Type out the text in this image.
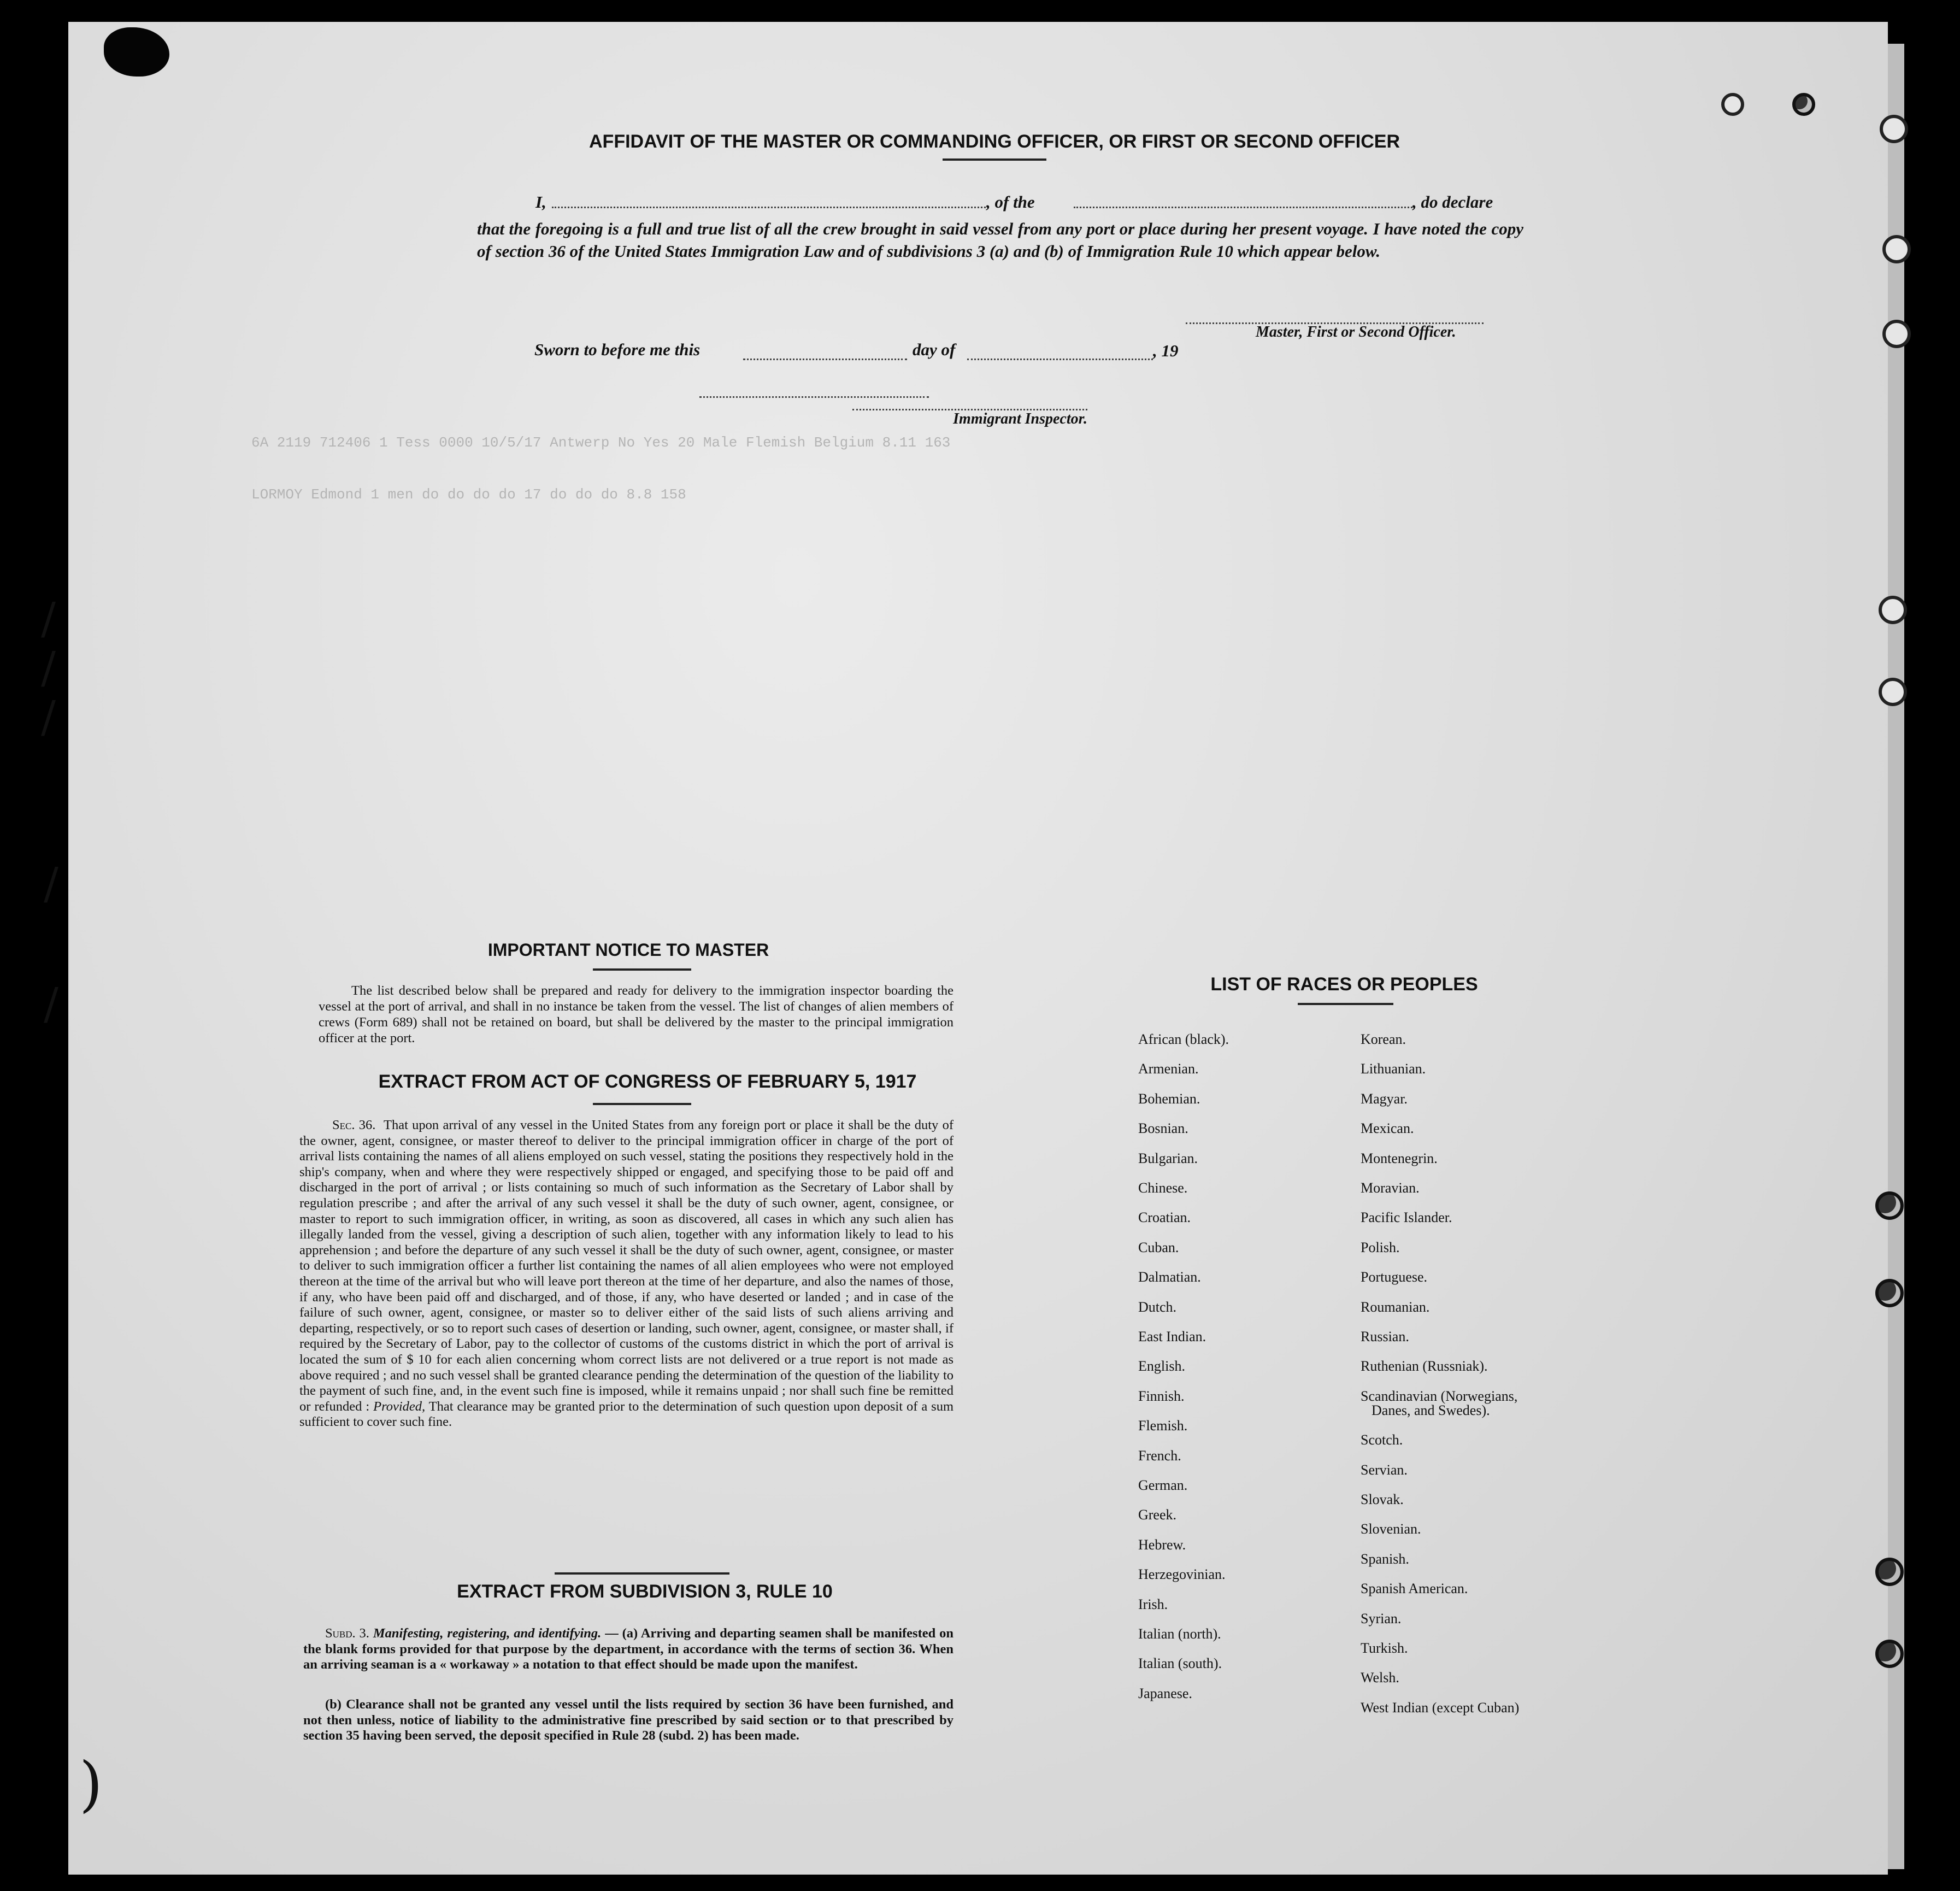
/
/
/
/
/
)
6A 2119 712406 1 Tess 0000 10/5/17 Antwerp No Yes 20 Male Flemish Belgium 8.11 163
LORMOY Edmond 1 men do do do do 17 do do do 8.8 158
AFFIDAVIT OF THE MASTER OR COMMANDING OFFICER, OR FIRST OR SECOND OFFICER
I,	, of the	, do declare
that the foregoing is a full and true list of all the crew brought in said vessel from any port or place during her present voyage. I have noted the copy of section 36 of the United States Immigration Law and of subdivisions 3 (a) and (b) of Immigration Rule 10 which appear below.
Master, First or Second Officer.
Sworn to before me this	day of	, 19
Immigrant Inspector.
IMPORTANT NOTICE TO MASTER
The list described below shall be prepared and ready for delivery to the immigration inspector boarding the vessel at the port of arrival, and shall in no instance be taken from the vessel. The list of changes of alien members of crews (Form 689) shall not be retained on board, but shall be delivered by the master to the principal immigration officer at the port.
EXTRACT FROM ACT OF CONGRESS OF FEBRUARY 5, 1917
Sec. 36. That upon arrival of any vessel in the United States from any foreign port or place it shall be the duty of the owner, agent, consignee, or master thereof to deliver to the principal immigration officer in charge of the port of arrival lists containing the names of all aliens employed on such vessel, stating the positions they respectively hold in the ship's company, when and where they were respectively shipped or engaged, and specifying those to be paid off and discharged in the port of arrival ; or lists containing so much of such information as the Secretary of Labor shall by regulation prescribe ; and after the arrival of any such vessel it shall be the duty of such owner, agent, consignee, or master to report to such immigration officer, in writing, as soon as discovered, all cases in which any such alien has illegally landed from the vessel, giving a description of such alien, together with any information likely to lead to his apprehension ; and before the departure of any such vessel it shall be the duty of such owner, agent, consignee, or master to deliver to such immigration officer a further list containing the names of all alien employees who were not employed thereon at the time of the arrival but who will leave port thereon at the time of her departure, and also the names of those, if any, who have been paid off and discharged, and of those, if any, who have deserted or landed ; and in case of the failure of such owner, agent, consignee, or master so to deliver either of the said lists of such aliens arriving and departing, respectively, or so to report such cases of desertion or landing, such owner, agent, consignee, or master shall, if required by the Secretary of Labor, pay to the collector of customs of the customs district in which the port of arrival is located the sum of $ 10 for each alien concerning whom correct lists are not delivered or a true report is not made as above required ; and no such vessel shall be granted clearance pending the determination of the question of the liability to the payment of such fine, and, in the event such fine is imposed, while it remains unpaid ; nor shall such fine be remitted or refunded : Provided, That clearance may be granted prior to the determination of such question upon deposit of a sum sufficient to cover such fine.
EXTRACT FROM SUBDIVISION 3, RULE 10
Subd. 3. Manifesting, registering, and identifying. — (a) Arriving and departing seamen shall be manifested on the blank forms provided for that purpose by the department, in accordance with the terms of section 36. When an arriving seaman is a « workaway » a notation to that effect should be made upon the manifest.
(b) Clearance shall not be granted any vessel until the lists required by section 36 have been furnished, and not then unless, notice of liability to the administrative fine prescribed by said section or to that prescribed by section 35 having been served, the deposit specified in Rule 28 (subd. 2) has been made.
LIST OF RACES OR PEOPLES
African (black).
Armenian.
Bohemian.
Bosnian.
Bulgarian.
Chinese.
Croatian.
Cuban.
Dalmatian.
Dutch.
East Indian.
English.
Finnish.
Flemish.
French.
German.
Greek.
Hebrew.
Herzegovinian.
Irish.
Italian (north).
Italian (south).
Japanese.
Korean.
Lithuanian.
Magyar.
Mexican.
Montenegrin.
Moravian.
Pacific Islander.
Polish.
Portuguese.
Roumanian.
Russian.
Ruthenian (Russniak).
Scandinavian (Norwegians,
Danes, and Swedes).
Scotch.
Servian.
Slovak.
Slovenian.
Spanish.
Spanish American.
Syrian.
Turkish.
Welsh.
West Indian (except Cuban)
